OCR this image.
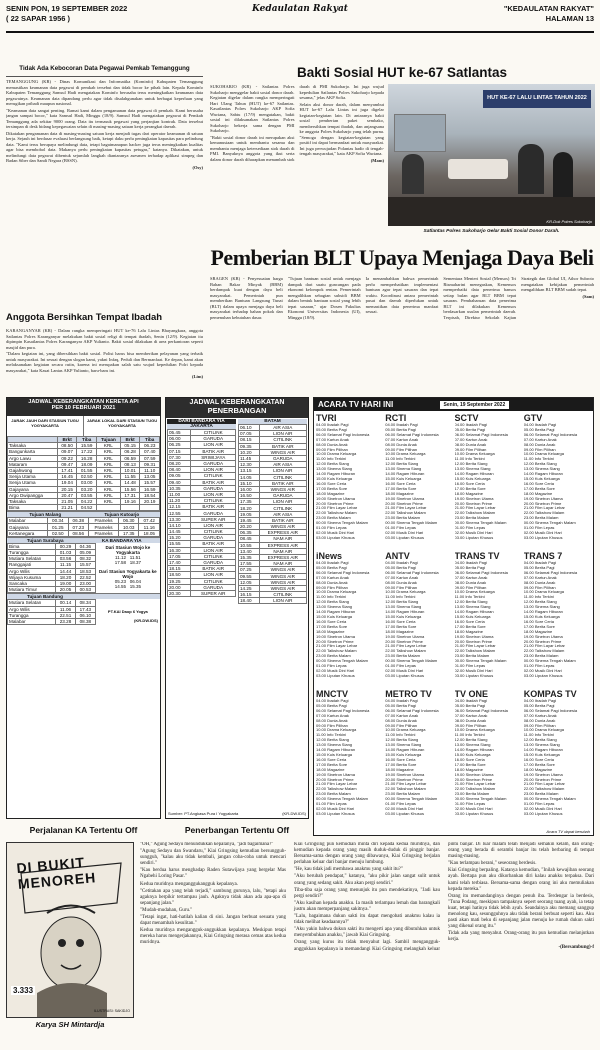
SENIN PON, 19 SEPTEMBER 2022
( 22 SAPAR 1956 )
Kedaulatan Rakyat	"KEDAULATAN RAKYAT"
HALAMAN 13
Tidak Ada Kebocoran Data Pegawai Pemkab Temanggung

TEMANGGUNG (KR) - Dinas Komunikasi dan Informatika (Kominfo) Kabupaten Temanggung memastikan keamanan data pegawai di pemkab tersebut dan tidak bocor ke pihak lain. Kepala Kominfo Kabupaten Temanggung Samsul Hadi mengatakan Kominfo berusaha terus meningkatkan keamanan data pegawainya. Keamanan data dipandang perlu agar tidak disalahgunakan untuk berbagai keperluan yang merugikan pribadi maupun nasional.

"Keamanan data sangat penting. Ramai kami dalam pengamanan data pegawai di pemkab. Kami berusaha jangan sampai bocor," kata Samsul Hadi, Minggu (18/9). Samsul Hadi mengatakan pegawai di Pemkab Temanggung ada sekitar 9000 orang. Data itu termasuk pegawai yang perjanjian kontrak. Data tersebut tersimpan di desk bidang kepegawaian selain di masing-masing satuan kerja perangkat daerah.

Dikatakan pengamanan data di masing-masing satuan kerja menjadi tugas dari operator keamanan di satuan kerja. Sejauh ini berdasar evaluasi berlangsung baik, ketapi daku perlu peningkatan kapasitas para pelindung data. "Kami terus berupaya melindungi data, tetapi bagaimanapun hacker juga terus meningkatkan kualitas agar bisa membobol data. Makanya perlu peningkatan kapasitas petugas," katanya. Dikatakan, untuk melindungi data pegawai dibentuk sejumlah langkah diantaranya asesmen terhadap aplikasi simpeg dan Badan Siber dan Sandi Negara (BSSN).

(Osy)

Anggota Bersihkan Tempat Ibadah

KARANGANYAR (KR) - Dalam rangka memperingati HUT ke-76 Lalu Lintas Bhayangkara, anggota Satlantas Polres Karanganyar melakukan bakti sosial religi di tempat ibadah, Senin (12/9). Kegiatan itu dipimpin Kasatlantas Polres Karanganyar AKP Yulianto. Bakti sosial dilakukan di area perkantoran seperti masjid dan pura.

"Dalam kegiatan ini, yang dibersihkan bakti sosial. Polisi harus bisa memberikan pelayanan yang terbaik untuk masyarakat. Ini sesuai dengan slogan kami, yakni Infaq, Peduli dan Bermanfaat. Ke depan, kami akan melaksanakan kegiatan secara rutin, karena ini merupakan salah satu wujud kepedulian Polri kepada masyarakat," kata Kasat Lantas AKP Yulianto, baru-baru ini.

(Lim)

Bakti Sosial HUT ke-67 Satlantas

SUKOHARJO (KR) - Satlantas Polres Sukoharjo menggelar bakti sosial donor darah. Kegiatan digelar dalam rangka memperingati Hari Ulang Tahun (HUT) ke-67 Satlantas. Kasatlantas Polres Sukoharjo AKP Sofia Wuriana, Sabtu (17/9) mengatakan, bakti sosial ini dilaksanakan Satlantas Polres Sukoharjo bekerja sama dengan PMI Sukoharjo.

"Bakti sosial donor darah ini merupakan aksi kemanusiaan untuk membantu sesama dan membantu menjaga ketersediaan stok darah di PMI. Banyaknya anggota yang ikut serta dalam donor darah diharapkan menambah stok darah di PMI Sukoharjo. Ini juga wujud kepedulian Satlantas Polres Sukoharjo kepada sesama," jelas AKP Sofia.

Selain aksi donor darah, dalam menyambut HUT ke-67 Lalu Lintas ini juga digelar kegiatan-kegiatan lain. Di antaranya bakti sosial pemberian paket sembako, membersihkan tempat ibadah, dan anjangsana ke anggota Polres Sukoharjo yang telah purna. "Semoga dengan kegiatan-kegiatan yang positif ini dapat bermanfaat untuk masyarakat. Ini juga perwujudan Polantas hadir di tengah-tengah masyarakat," kata AKP Sofia Wuriana.

(Mam)

HUT KE-67 LALU LINTAS TAHUN 2022
KR-Dok Polres Sukoharjo
Satlantas Polres Sukoharjo Gelar Bakti Sosial Donor Darah.
Pemberian BLT Upaya Menjaga Daya Beli

SRAGEN (KR) - Penyesuaian harga Bahan Bakar Minyak (BBM) berdampak kuat dengan daya beli masyarakat. Pemerintah pun memberikan Bantuan Langsung Tunai (BLT) dalam upaya menjaga daya beli masyarakat terhadap bahan pokok dan pemenuhan kebutuhan dasar.

"Tujuan bantuan sosial untuk menjaga dampak dari suatu guncangan pada ekonomi kelompok rentan. Pemerintah mengalihkan sebagian subsidi BBM dalam bentuk bantuan sosial yang lebih tepat sasaran," ujar Dosen Fakultas Ekonomi Universitas Indonesia (UI), Minggu (18/9).

Ia menambahkan bahwa pemerintah perlu memperhatikan implementasi bantuan agar tepat sasaran dan tepat waktu. Koordinasi antara pemerintah pusat dan daerah diperlukan untuk memastikan data penerima manfaat sesuai.

Sementara Menteri Sosial (Mensos) Tri Rismaharini menegaskan, Kemensos memperbaiki data penerima bansos setiap bulan agar BLT BBM tepat sasaran. Pembaharuan data penerima BLT ini dilakukan Kemensos berdasarkan usulan pemerintah daerah. Terpisah, Direktur Sekolah Kajian Strategik dan Global UI, Athor Subroto mengatakan kebijakan pemerintah mengalihkan BLT BBM sudah tepat.

(Sam)

JADWAL KEBERANGKATAN KERETA API
PER 10 FEBRUARI 2021
JARAK JAUH DARI STASIUN TUGU YOGYAKARTA
JARAK LOKAL DARI STASIUN TUGU YOGYAKARTA
	Brkt	Tiba	Tujuan	Brkt	Tiba
Taksaka	08.50	15.59	KRL	05.15	06.23
Bangunkarta	09.07	17.22	KRL	06.28	07.40
Argo Lawu	09.22	16.28	KRL	06.59	07.59
Mataram	09.47	18.09	KRL	08.13	09.31
Gajahwong	17.41	01.55	KRL	10.01	11.10
Senja Utama	16.45	02.50	KRL	11.55	13.05
Senja Utama	19.04	03.00	KRL	14.48	15.57
Gajayana	20.15	03.20	KRL	15.56	16.59
Argo Dwipangga	20.47	03.55	KRL	17.31	18.54
Taksaka	21.05	04.22	KRL	19.16	20.19
Bima	21.21	04.52			
Tujuan Malang	Tujuan Kutoarjo
Malabar	00.34	06.38	Prameks	06.30	07.42
Gajayana	01.25	07.23	Prameks	10.03	11.16
Kertanegara	02.50	08.56	Prameks	17.35	18.05
Tujuan Surabaya	KA BANDARA YIA
Bima	00.29	04.36
Turangga	01.03	05.09
Mutiara Selatan	03.56	08.32
Ranggajati	11.15	15.57
Argo Wilis	14.44	18.53
Wijaya Kusuma	18.20	22.52
Sancaka	19.00	23.00
Mutiara Timur	20.05	00.53
Dari Stasiun Wojo ke Yogyakarta
11.12 11.51
17.58 18.37
Dari Stasiun Yogyakarta ke Wojo
05.23 06.04
14.55 15.35
Tujuan Bandung
Mutiara Selatan	00.14	08.34
Argo Wilis	11.06	17.43
Turangga	22.51	06.10
Malabar	23.28	08.38
PT.KAI Daop 6 Yogya
(KR-DW.IDS)
Perjalanan KA Tertentu Off
JADWAL KEBERANGKATAN
PENERBANGAN
DARI BANDARA YIA
JAKARTA
05.45	CITILINK
06.00	GARUDA
06.25	LION AIR
07.15	BATIK AIR
07.30	SRIWIJAYA
08.20	GARUDA
08.40	LION AIR
09.05	CITILINK
09.40	BATIK AIR
10.35	GARUDA
11.00	LION AIR
11.20	CITILINK
12.15	BATIK AIR
12.55	GARUDA
13.30	SUPER AIR
14.10	LION AIR
14.45	CITILINK
15.20	GARUDA
15.55	BATIK AIR
16.30	LION AIR
17.05	CITILINK
17.40	GARUDA
18.15	BATIK AIR
18.50	LION AIR
19.25	CITILINK
20.00	GARUDA
20.30	SUPER AIR
BATAM
06.10	AIR ASIA
07.05	LION AIR
08.15	CITILINK
09.35	BATIK AIR
10.20	WINGS AIR
11.45	GARUDA
12.30	AIR ASIA
13.15	LION AIR
14.05	CITILINK
15.10	BATIK AIR
16.00	WINGS AIR
16.50	GARUDA
17.35	LION AIR
18.20	CITILINK
19.05	AIR ASIA
19.45	BATIK AIR
20.20	WINGS AIR
06.35	EXPRESS AIR
08.45	NAM AIR
10.55	EXPRESS AIR
13.40	NAM AIR
15.35	EXPRESS AIR
17.55	NAM AIR
07.25	WINGS AIR
09.55	WINGS AIR
12.05	WINGS AIR
14.25	WINGS AIR
16.15	CITILINK
18.40	LION AIR
Sumber: PT.Angkasa Pura I Yogyakarta	(KR-DW.IDS)
Penerbangan Tertentu Off
ACARA TV HARI INI	Senin, 19 September 2022
TVRI
04.00 Ibadah Pagi
05.00 Berita Pagi
06.00 Selamat Pagi Indonesia
07.00 Kartun Anak
08.00 Dunia Anak
09.00 Film Pilihan
10.00 Drama Keluarga
11.00 Info Terkini
12.00 Berita Siang
13.00 Sinema Siang
14.00 Ragam Hiburan
15.00 Kuis Keluarga
16.00 Sore Ceria
17.00 Berita Sore
18.00 Magazine
19.00 Sinetron Utama
20.00 Sinetron Prime
21.00 Film Layar Lebar
22.00 Talkshow Malam
23.00 Berita Malam
00.00 Sinema Tengah Malam
01.00 Film Lepas
02.00 Musik Dini Hari
03.00 Liputan Khusus
RCTI
04.00 Ibadah Pagi
05.00 Berita Pagi
06.00 Selamat Pagi Indonesia
07.00 Kartun Anak
08.00 Dunia Anak
09.00 Film Pilihan
10.00 Drama Keluarga
11.00 Info Terkini
12.00 Berita Siang
13.00 Sinema Siang
14.00 Ragam Hiburan
15.00 Kuis Keluarga
16.00 Sore Ceria
17.00 Berita Sore
18.00 Magazine
19.00 Sinetron Utama
20.00 Sinetron Prime
21.00 Film Layar Lebar
22.00 Talkshow Malam
23.00 Berita Malam
00.00 Sinema Tengah Malam
01.00 Film Lepas
02.00 Musik Dini Hari
03.00 Liputan Khusus
SCTV
04.00 Ibadah Pagi
05.00 Berita Pagi
06.00 Selamat Pagi Indonesia
07.00 Kartun Anak
08.00 Dunia Anak
09.00 Film Pilihan
10.00 Drama Keluarga
11.00 Info Terkini
12.00 Berita Siang
13.00 Sinema Siang
14.00 Ragam Hiburan
15.00 Kuis Keluarga
16.00 Sore Ceria
17.00 Berita Sore
18.00 Magazine
19.00 Sinetron Utama
20.00 Sinetron Prime
21.00 Film Layar Lebar
22.00 Talkshow Malam
23.00 Berita Malam
00.00 Sinema Tengah Malam
01.00 Film Lepas
02.00 Musik Dini Hari
03.00 Liputan Khusus
GTV
04.00 Ibadah Pagi
05.00 Berita Pagi
06.00 Selamat Pagi Indonesia
07.00 Kartun Anak
08.00 Dunia Anak
09.00 Film Pilihan
10.00 Drama Keluarga
11.00 Info Terkini
12.00 Berita Siang
13.00 Sinema Siang
14.00 Ragam Hiburan
15.00 Kuis Keluarga
16.00 Sore Ceria
17.00 Berita Sore
18.00 Magazine
19.00 Sinetron Utama
20.00 Sinetron Prime
21.00 Film Layar Lebar
22.00 Talkshow Malam
23.00 Berita Malam
00.00 Sinema Tengah Malam
01.00 Film Lepas
02.00 Musik Dini Hari
03.00 Liputan Khusus
iNews
04.00 Ibadah Pagi
05.00 Berita Pagi
06.00 Selamat Pagi Indonesia
07.00 Kartun Anak
08.00 Dunia Anak
09.00 Film Pilihan
10.00 Drama Keluarga
11.00 Info Terkini
12.00 Berita Siang
13.00 Sinema Siang
14.00 Ragam Hiburan
15.00 Kuis Keluarga
16.00 Sore Ceria
17.00 Berita Sore
18.00 Magazine
19.00 Sinetron Utama
20.00 Sinetron Prime
21.00 Film Layar Lebar
22.00 Talkshow Malam
23.00 Berita Malam
00.00 Sinema Tengah Malam
01.00 Film Lepas
02.00 Musik Dini Hari
03.00 Liputan Khusus
ANTV
04.00 Ibadah Pagi
05.00 Berita Pagi
06.00 Selamat Pagi Indonesia
07.00 Kartun Anak
08.00 Dunia Anak
09.00 Film Pilihan
10.00 Drama Keluarga
11.00 Info Terkini
12.00 Berita Siang
13.00 Sinema Siang
14.00 Ragam Hiburan
15.00 Kuis Keluarga
16.00 Sore Ceria
17.00 Berita Sore
18.00 Magazine
19.00 Sinetron Utama
20.00 Sinetron Prime
21.00 Film Layar Lebar
22.00 Talkshow Malam
23.00 Berita Malam
00.00 Sinema Tengah Malam
01.00 Film Lepas
02.00 Musik Dini Hari
03.00 Liputan Khusus
TRANS TV
04.00 Ibadah Pagi
05.00 Berita Pagi
06.00 Selamat Pagi Indonesia
07.00 Kartun Anak
08.00 Dunia Anak
09.00 Film Pilihan
10.00 Drama Keluarga
11.00 Info Terkini
12.00 Berita Siang
13.00 Sinema Siang
14.00 Ragam Hiburan
15.00 Kuis Keluarga
16.00 Sore Ceria
17.00 Berita Sore
18.00 Magazine
19.00 Sinetron Utama
20.00 Sinetron Prime
21.00 Film Layar Lebar
22.00 Talkshow Malam
23.00 Berita Malam
00.00 Sinema Tengah Malam
01.00 Film Lepas
02.00 Musik Dini Hari
03.00 Liputan Khusus
TRANS 7
04.00 Ibadah Pagi
05.00 Berita Pagi
06.00 Selamat Pagi Indonesia
07.00 Kartun Anak
08.00 Dunia Anak
09.00 Film Pilihan
10.00 Drama Keluarga
11.00 Info Terkini
12.00 Berita Siang
13.00 Sinema Siang
14.00 Ragam Hiburan
15.00 Kuis Keluarga
16.00 Sore Ceria
17.00 Berita Sore
18.00 Magazine
19.00 Sinetron Utama
20.00 Sinetron Prime
21.00 Film Layar Lebar
22.00 Talkshow Malam
23.00 Berita Malam
00.00 Sinema Tengah Malam
01.00 Film Lepas
02.00 Musik Dini Hari
03.00 Liputan Khusus
MNCTV
04.00 Ibadah Pagi
05.00 Berita Pagi
06.00 Selamat Pagi Indonesia
07.00 Kartun Anak
08.00 Dunia Anak
09.00 Film Pilihan
10.00 Drama Keluarga
11.00 Info Terkini
12.00 Berita Siang
13.00 Sinema Siang
14.00 Ragam Hiburan
15.00 Kuis Keluarga
16.00 Sore Ceria
17.00 Berita Sore
18.00 Magazine
19.00 Sinetron Utama
20.00 Sinetron Prime
21.00 Film Layar Lebar
22.00 Talkshow Malam
23.00 Berita Malam
00.00 Sinema Tengah Malam
01.00 Film Lepas
02.00 Musik Dini Hari
03.00 Liputan Khusus
METRO TV
04.00 Ibadah Pagi
05.00 Berita Pagi
06.00 Selamat Pagi Indonesia
07.00 Kartun Anak
08.00 Dunia Anak
09.00 Film Pilihan
10.00 Drama Keluarga
11.00 Info Terkini
12.00 Berita Siang
13.00 Sinema Siang
14.00 Ragam Hiburan
15.00 Kuis Keluarga
16.00 Sore Ceria
17.00 Berita Sore
18.00 Magazine
19.00 Sinetron Utama
20.00 Sinetron Prime
21.00 Film Layar Lebar
22.00 Talkshow Malam
23.00 Berita Malam
00.00 Sinema Tengah Malam
01.00 Film Lepas
02.00 Musik Dini Hari
03.00 Liputan Khusus
TV ONE
04.00 Ibadah Pagi
05.00 Berita Pagi
06.00 Selamat Pagi Indonesia
07.00 Kartun Anak
08.00 Dunia Anak
09.00 Film Pilihan
10.00 Drama Keluarga
11.00 Info Terkini
12.00 Berita Siang
13.00 Sinema Siang
14.00 Ragam Hiburan
15.00 Kuis Keluarga
16.00 Sore Ceria
17.00 Berita Sore
18.00 Magazine
19.00 Sinetron Utama
20.00 Sinetron Prime
21.00 Film Layar Lebar
22.00 Talkshow Malam
23.00 Berita Malam
00.00 Sinema Tengah Malam
01.00 Film Lepas
02.00 Musik Dini Hari
03.00 Liputan Khusus
KOMPAS TV
04.00 Ibadah Pagi
05.00 Berita Pagi
06.00 Selamat Pagi Indonesia
07.00 Kartun Anak
08.00 Dunia Anak
09.00 Film Pilihan
10.00 Drama Keluarga
11.00 Info Terkini
12.00 Berita Siang
13.00 Sinema Siang
14.00 Ragam Hiburan
15.00 Kuis Keluarga
16.00 Sore Ceria
17.00 Berita Sore
18.00 Magazine
19.00 Sinetron Utama
20.00 Sinetron Prime
21.00 Film Layar Lebar
22.00 Talkshow Malam
23.00 Berita Malam
00.00 Sinema Tengah Malam
01.00 Film Lepas
02.00 Musik Dini Hari
03.00 Liputan Khusus
Acara TV dapat berubah
DI BUKIT MENOREH
3.333
ILUSTRASI: SAKIDJO
Karya SH Mintardja

"OH," Agung Sedayu menundukkan kepalanya, "jadi bagaimana?"

"Agung Sedayu dan Swandaru," Kiai Gringsing kemudian bersungguh-sungguh, "kalau aku tidak kembali, jangan coba-coba untuk mencari sendiri."

"Kau berdua harus menghadap Raden Sutawijaya yang bergelar Mas Ngabehi Loring Pasar."

Kedua muridnya menganggukangguk kepalanya.

"Cetitakan apa yang telah terjadi," sambung gurunya, lalu, "tetapi aku agaknya berpikir tertampau jauh. Agaknya tidak akan ada apa-apa di sepanjang jalan."

"Mudah-mudahan, Guru."

"Tetapi ingat, hati-hatilah kalian di sini. Jangan berbuat sesuatu yang dapat menambah kesulitan."

Kedua muridnya mengangguk-anggukkan kepalanya. Meskipun tetapi mereka harus mengerjakannya, Kiai Gringsing merasa cemas atas kedua muridnya.

Kiai Gringsing pun kemudian minta diri kepada kedua muridnya, dan kemudian kepada orang yang masih duduk-duduk di pinggir banjar. Bersama-sama dengan orang yang dibawanya, Kiai Gringsing berjalan perlahan keluar dari banjar menuju lumbung.

"He, kau tidak jadi membawa anakmu yang sakit itu?"

"Aku berubah pendapat," katanya, "aku pikir jalan sangat sulit untuk orang yang sedang sakit. Aku akan pergi sendiri."

Tiba-tiba saja orang yang menunjuk itu pun mendekatinya, "Jadi kau pergi sendiri?"

"Aku kasihan kepada anakku. Ia masih terlampau lemah dan barangkali justru akan memperpanjang sakitnya."

"Lalu, bagaimana dukun sakti itu dapat mengobati anakmu kalau ia tidak melihat keadaannya?"

"Aku yakin bahwa dukun sakti itu mengerti apa yang dibutuhkan untuk menyembuhkan anakku," jawab Kiai Gringsing.

Orang yang kurus itu tidak menyahut lagi. Sambil mengangguk-anggukkan kepalanya ia memandangi Kiai Gringsing melangkah keluar pintu banjar. Di luar malam telah menjadi semakin kelam, dan orang-orang yang berada di serambi banjar itu telah berbaring di tempat masing-masing.

"Kau terlampau berani," seseorang berdesis.

Kiai Gringsing berpaling. Katanya kemudian, "Inilah kewajiban seorang ayah. Bertapa pun aku dikorbankan diri kalau anakku terpaksa. Dari kami telah terbiasa. Bersama-sama dengan orang ini aku memuliakan kepada mereka."

Orang itu memandanginya dengan penuh iba. Terdengar ia berdesis, "Tuna Podang, meskipun tampaknya sepert seorang tuang ayah, ia tetap kuat, tetapi hatinya tidak lebih ayah. Seandainya aku memang sanggup menolong kau, sesungguhnya aku tidak berani berbuat seperti kau. Aku pasti akan mati beku di sepanjang jalan menuju ke rumah dukun sakti yang dikenal orang itu."

Tidak ada yang menyahut. Orang-orang itu pun kemudian melanjutkan kerja.

-(Bersambung)-f
